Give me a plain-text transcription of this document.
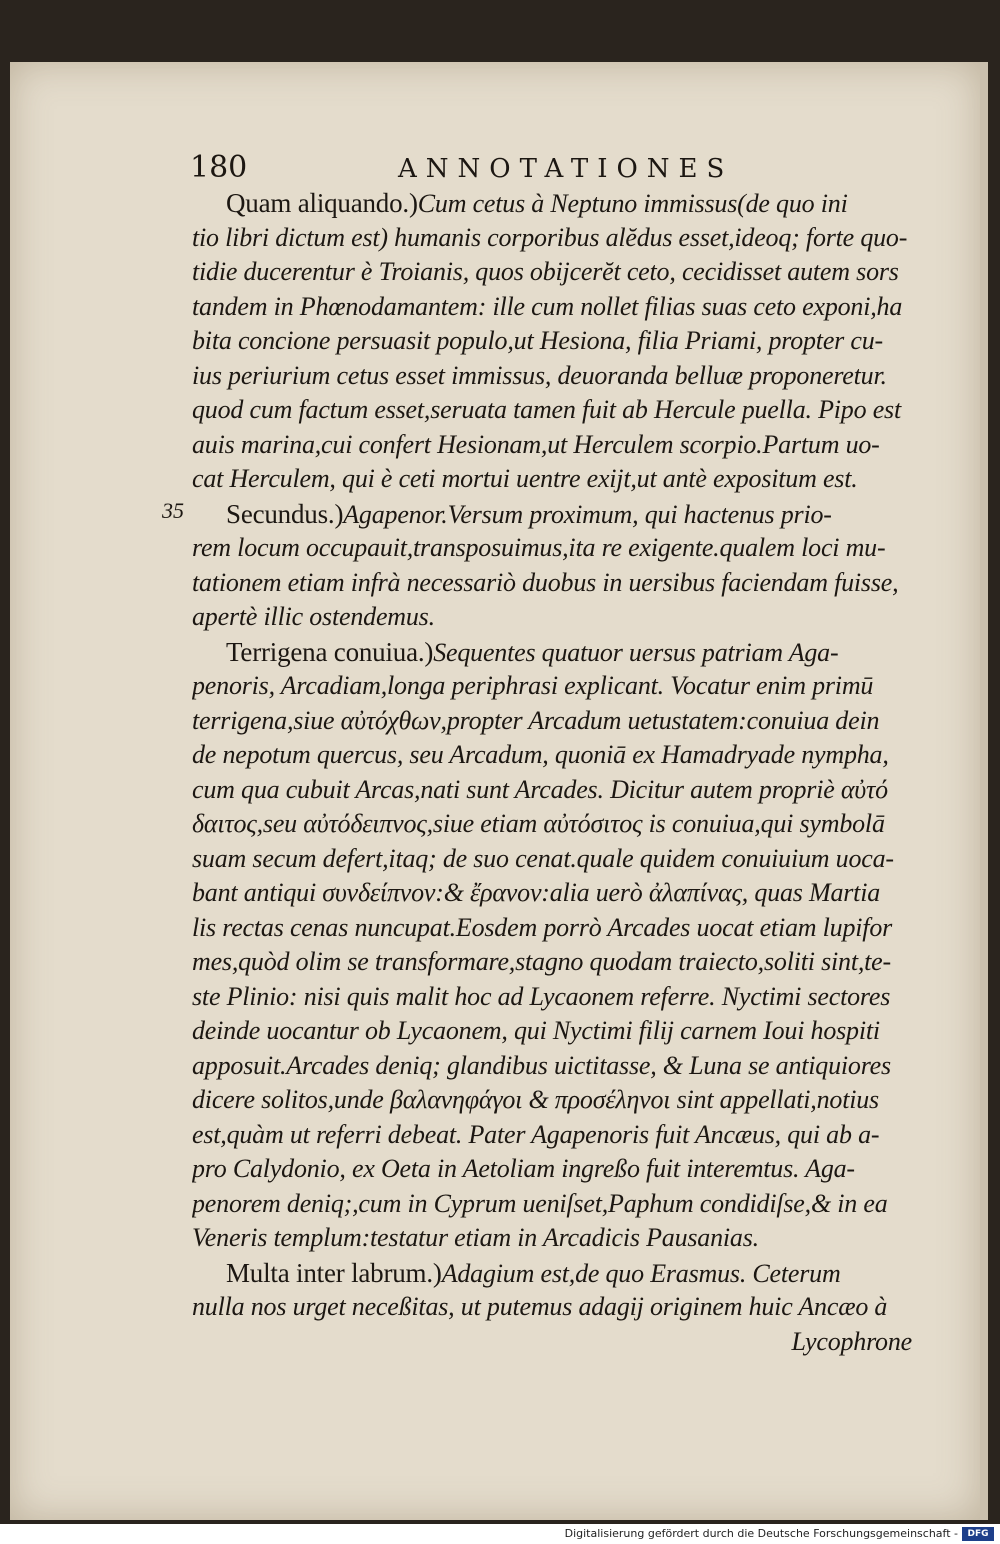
180	ANNOTATIONES
35
Quam aliquando.)Cum cetus à Neptuno immissus(de quo ini
tio libri dictum est) humanis corporibus alĕdus esset,ideoq; forte quo-
tidie ducerentur è Troianis, quos obijcerĕt ceto, cecidisset autem sors
tandem in Phœnodamantem: ille cum nollet filias suas ceto exponi,ha
bita concione persuasit populo,ut Hesiona, filia Priami, propter cu-
ius periurium cetus esset immissus, deuoranda belluæ proponeretur.
quod cum factum esset,seruata tamen fuit ab Hercule puella. Pipo est
auis marina,cui confert Hesionam,ut Herculem scorpio.Partum uo-
cat Herculem, qui è ceti mortui uentre exijt,ut antè expositum est.
Secundus.)Agapenor.Versum proximum, qui hactenus prio-
rem locum occupauit,transposuimus,ita re exigente.qualem loci mu-
tationem etiam infrà necessariò duobus in uersibus faciendam fuisse,
apertè illic ostendemus.
Terrigena conuiua.)Sequentes quatuor uersus patriam Aga-
penoris, Arcadiam,longa periphrasi explicant. Vocatur enim primū
terrigena,siue αὐτόχθων,propter Arcadum uetustatem:conuiua dein
de nepotum quercus, seu Arcadum, quoniā ex Hamadryade nympha,
cum qua cubuit Arcas,nati sunt Arcades. Dicitur autem propriè αὐτό
δαιτος,seu αὐτόδειπνος,siue etiam αὐτόσιτος is conuiua,qui symbolā
suam secum defert,itaq; de suo cenat.quale quidem conuiuium uoca-
bant antiqui συνδείπνον:& ἔρανον:alia uerò ἀλαπίνας, quas Martia
lis rectas cenas nuncupat.Eosdem porrò Arcades uocat etiam lupifor
mes,quòd olim se transformare,stagno quodam traiecto,soliti sint,te-
ste Plinio: nisi quis malit hoc ad Lycaonem referre. Nyctimi sectores
deinde uocantur ob Lycaonem, qui Nyctimi filij carnem Ioui hospiti
apposuit.Arcades deniq; glandibus uictitasse, & Luna se antiquiores
dicere solitos,unde βαλανηφάγοι & προσέληνοι sint appellati,notius
est,quàm ut referri debeat. Pater Agapenoris fuit Ancæus, qui ab a-
pro Calydonio, ex Oeta in Aetoliam ingreßo fuit interemtus. Aga-
penorem deniq;,cum in Cyprum ueniſset,Paphum condidiſse,& in ea
Veneris templum:testatur etiam in Arcadicis Pausanias.
Multa inter labrum.)Adagium est,de quo Erasmus. Ceterum
nulla nos urget neceßitas, ut putemus adagij originem huic Ancæo à
Lycophrone
Digitalisierung gefördert durch die Deutsche Forschungsgemeinschaft -	DFG
